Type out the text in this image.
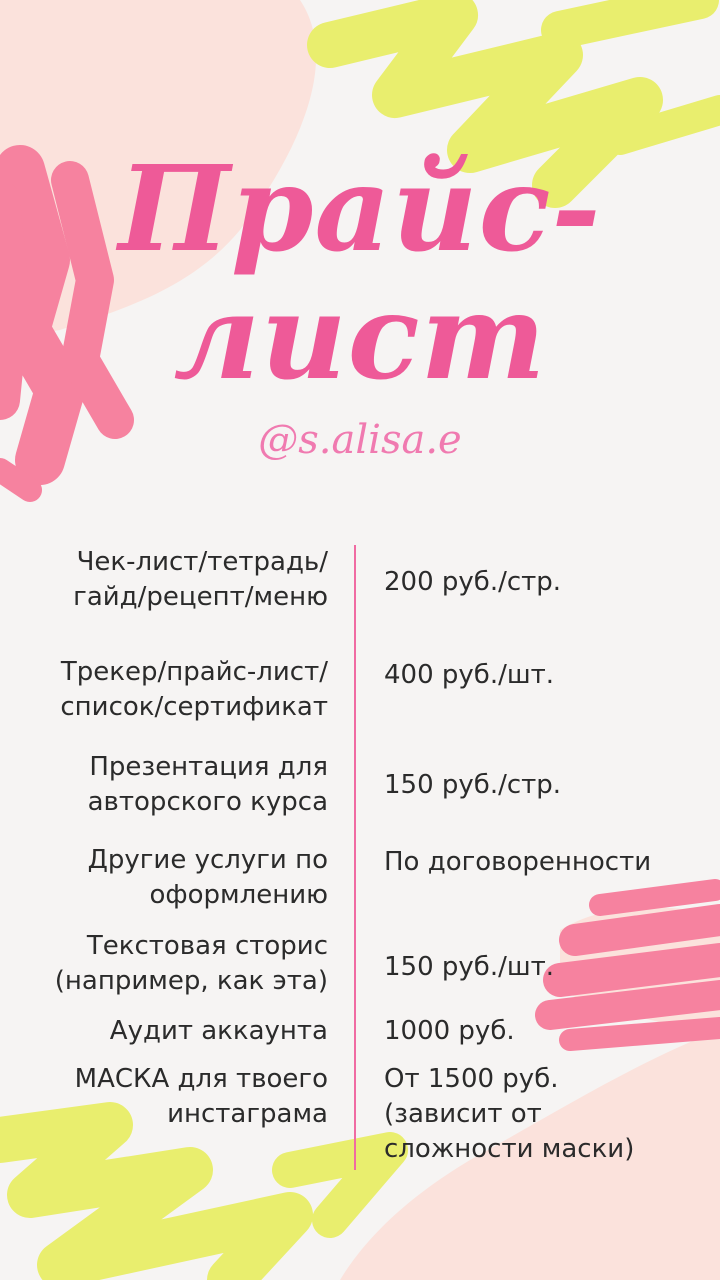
Прайс-
лист
@s.alisa.e
Чек-лист/тетрадь/
гайд/рецепт/меню 200 руб./стр.
Трекер/прайс-лист/
список/сертификат
400 руб./шт.
Презентация для
авторского курса
150 руб./стр.
Другие услуги по
оформлению
По договоренности
Текстовая сторис
(например, как эта) 150 руб./шт.
Аудит аккаунта 1000 руб.
МАСКА для твоего
инстаграма
От 1500 руб.
(зависит от
сложности маски)
